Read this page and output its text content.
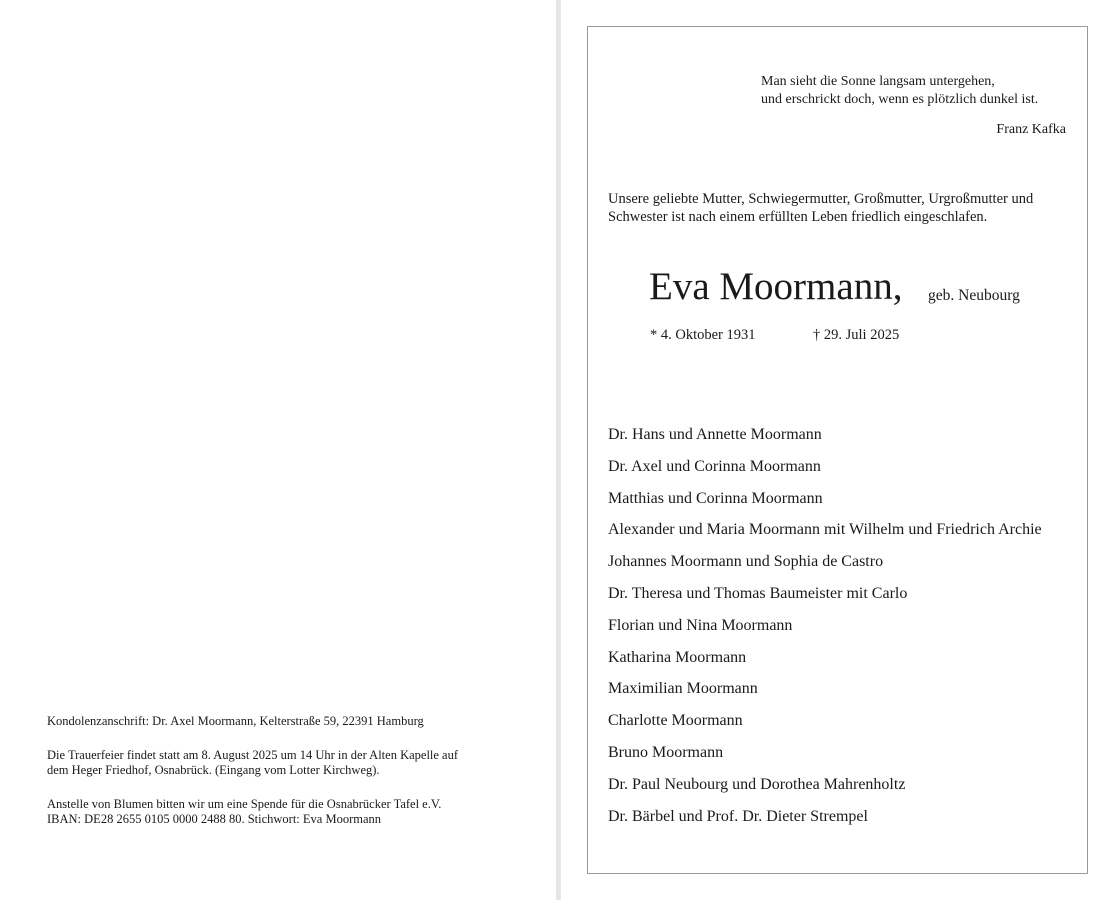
Kondolenzanschrift: Dr. Axel Moormann, Kelterstraße 59, 22391 Hamburg

Die Trauerfeier findet statt am 8. August 2025 um 14 Uhr in der Alten Kapelle auf

dem Heger Friedhof, Osnabrück. (Eingang vom Lotter Kirchweg).

Anstelle von Blumen bitten wir um eine Spende für die Osnabrücker Tafel e.V.

IBAN: DE28 2655 0105 0000 2488 80. Stichwort: Eva Moormann

Man sieht die Sonne langsam untergehen,

und erschrickt doch, wenn es plötzlich dunkel ist.

Franz Kafka
Unsere geliebte Mutter, Schwiegermutter, Großmutter, Urgroßmutter und Schwester ist nach einem erfüllten Leben friedlich eingeschlafen.
Eva Moormann, geb. Neubourg
* 4. Oktober 1931	† 29. Juli 2025
Dr. Hans und Annette Moormann
Dr. Axel und Corinna Moormann
Matthias und Corinna Moormann
Alexander und Maria Moormann mit Wilhelm und Friedrich Archie
Johannes Moormann und Sophia de Castro
Dr. Theresa und Thomas Baumeister mit Carlo
Florian und Nina Moormann
Katharina Moormann
Maximilian Moormann
Charlotte Moormann
Bruno Moormann
Dr. Paul Neubourg und Dorothea Mahrenholtz
Dr. Bärbel und Prof. Dr. Dieter Strempel
